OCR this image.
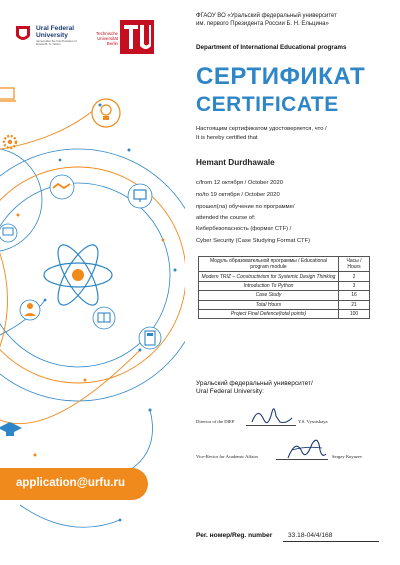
Ural Federal
University
named after the first President of Russia B. N. Yeltsin
Technische
Universität
Berlin
ФГАОУ ВО «Уральский федеральный университет
им. первого Президента России Б. Н. Ельцина»
Department of International Educational programs
СЕРТИФИКАТ
CERTIFICATE
Настоящим сертификатом удостоверяется, что /
It is hereby certified that
Hemant Durdhawale
c/from 12 октября / October 2020
по/to 19 октября / October 2020
прошел(ла) обучение по программе/
attended the course of:
Кибербезопасность (формат CTF) /
Cyber Security (Case Studying Format CTF)
Модуль образовательной программы / Educational program module	Часы / Hours
Modern TRIZ – Constructivism for Systemic Design Thinking	2
Introduction To Python	3
Case Study	16
Total Hours	21
Project Final Defence(total points)	100
Уральский федеральный университет/
Ural Federal University:
Director of the DIEP	Y.S. Vysotskaya
Vice-Rector for Academic Affairs	Sergey Knyazev
application@urfu.ru
Рег. номер/Reg. number 33.18-04/4/168
